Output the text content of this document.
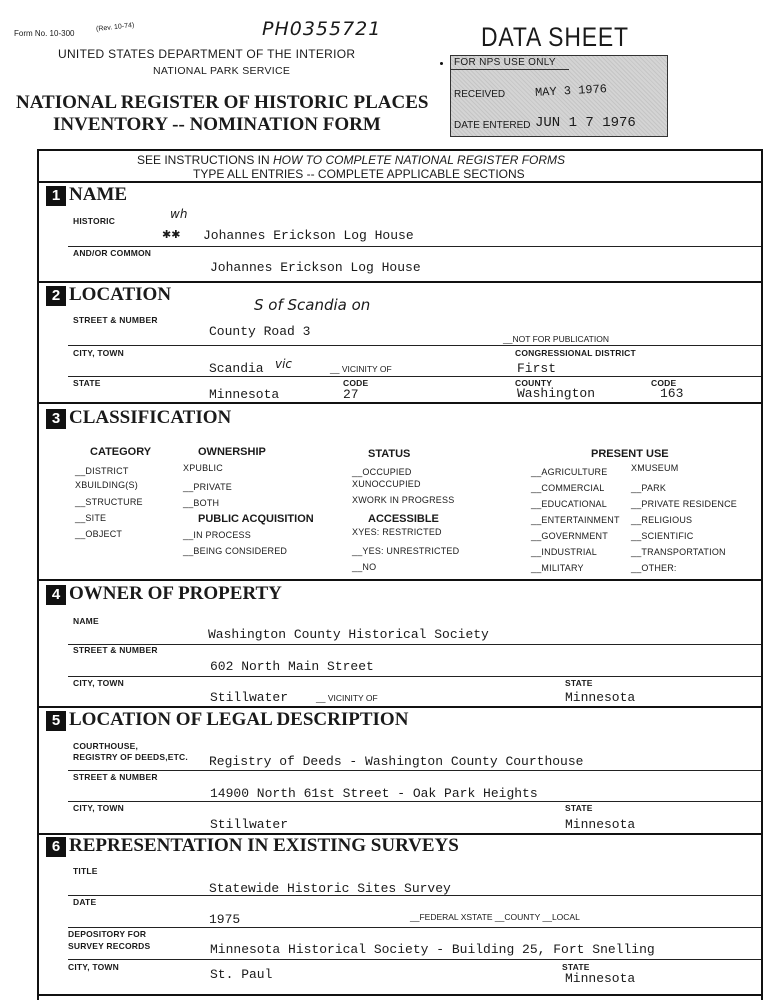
Form No. 10-300
(Rev. 10-74)	PH0355721
UNITED STATES DEPARTMENT OF THE INTERIOR
NATIONAL PARK SERVICE
NATIONAL REGISTER OF HISTORIC PLACES
INVENTORY -- NOMINATION FORM
DATA SHEET
FOR NPS USE ONLY
RECEIVED MAY 3 1976
DATE ENTERED JUN 1 7 1976
SEE INSTRUCTIONS IN HOW TO COMPLETE NATIONAL REGISTER FORMS
TYPE ALL ENTRIES -- COMPLETE APPLICABLE SECTIONS
1 NAME
HISTORIC	wh
✱✱ Johannes Erickson Log House
AND/OR COMMON
Johannes Erickson Log House
2 LOCATION
STREET & NUMBER
S of Scandia on
County Road 3	__NOT FOR PUBLICATION
CITY, TOWN	CONGRESSIONAL DISTRICT
Scandia vic	__ VICINITY OF	First
STATE	CODE	COUNTY	CODE
Minnesota	27	Washington	163
3 CLASSIFICATION
CATEGORY	OWNERSHIP	STATUS	PRESENT USE
__DISTRICT
XBUILDING(S)
__STRUCTURE
__SITE
__OBJECT
XPUBLIC
__PRIVATE
__BOTH
PUBLIC ACQUISITION
__IN PROCESS
__BEING CONSIDERED
__OCCUPIED
XUNOCCUPIED
XWORK IN PROGRESS
ACCESSIBLE
XYES: RESTRICTED
__YES: UNRESTRICTED
__NO
__AGRICULTURE
__COMMERCIAL
__EDUCATIONAL
__ENTERTAINMENT
__GOVERNMENT
__INDUSTRIAL
__MILITARY
XMUSEUM
__PARK
__PRIVATE RESIDENCE
__RELIGIOUS
__SCIENTIFIC
__TRANSPORTATION
__OTHER:
4 OWNER OF PROPERTY
NAME
Washington County Historical Society
STREET & NUMBER
602 North Main Street
CITY, TOWN	STATE
Stillwater	__ VICINITY OF	Minnesota
5 LOCATION OF LEGAL DESCRIPTION
COURTHOUSE,
REGISTRY OF DEEDS,ETC. Registry of Deeds - Washington County Courthouse
STREET & NUMBER
14900 North 61st Street - Oak Park Heights
CITY, TOWN	STATE
Stillwater	Minnesota
6 REPRESENTATION IN EXISTING SURVEYS
TITLE
Statewide Historic Sites Survey
DATE
1975	__FEDERAL XSTATE __COUNTY __LOCAL
DEPOSITORY FOR
SURVEY RECORDS	Minnesota Historical Society - Building 25, Fort Snelling
CITY, TOWN	STATE
St. Paul	Minnesota
